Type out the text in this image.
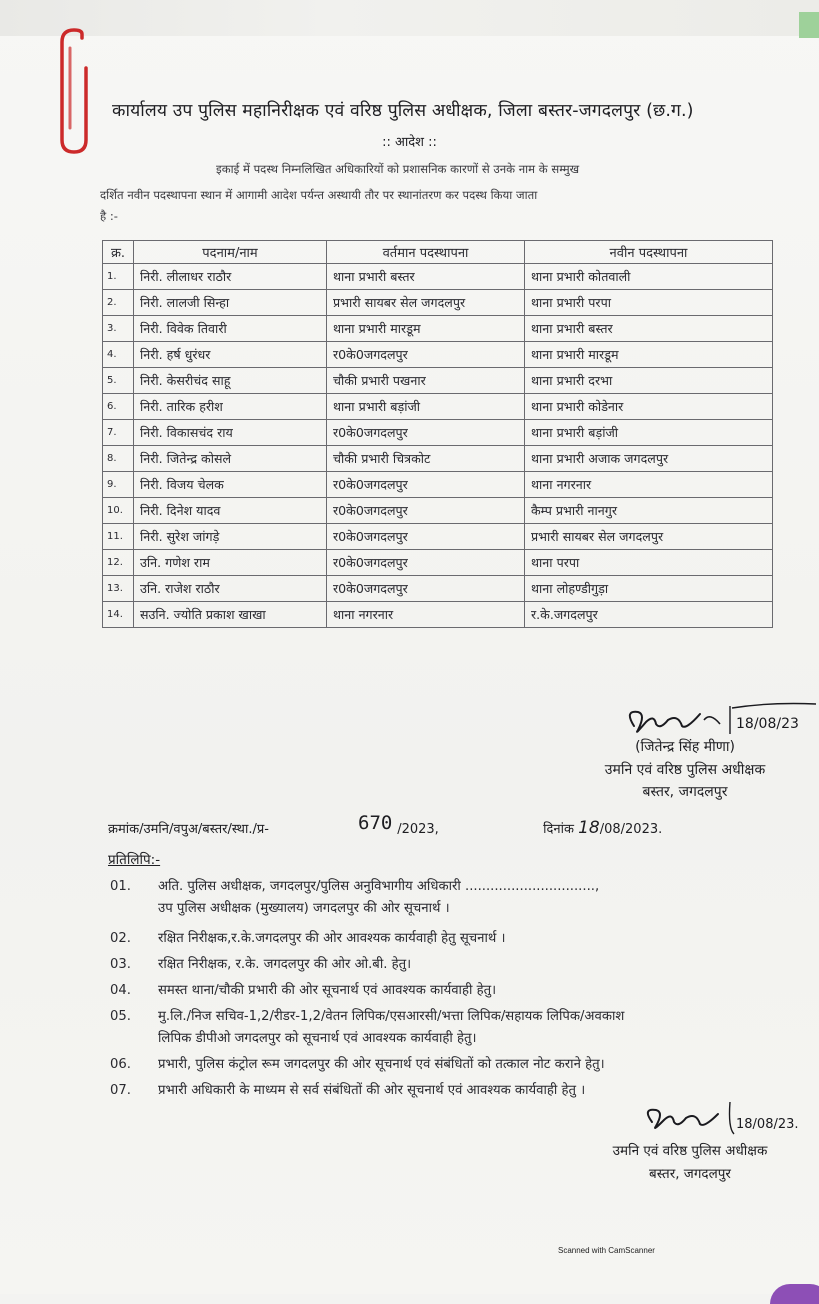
कार्यालय उप पुलिस महानिरीक्षक एवं वरिष्ठ पुलिस अधीक्षक, जिला बस्तर-जगदलपुर (छ.ग.)
:: आदेश ::
इकाई में पदस्थ निम्नलिखित अधिकारियों को प्रशासनिक कारणों से उनके नाम के सम्मुख
दर्शित नवीन पदस्थापना स्थान में आगामी आदेश पर्यन्त अस्थायी तौर पर स्थानांतरण कर पदस्थ किया जाता
है :-
क्र.	पदनाम/नाम	वर्तमान पदस्थापना	नवीन पदस्थापना
1.	निरी. लीलाधर राठौर	थाना प्रभारी बस्तर	थाना प्रभारी कोतवाली
2.	निरी. लालजी सिन्हा	प्रभारी सायबर सेल जगदलपुर	थाना प्रभारी परपा
3.	निरी. विवेक तिवारी	थाना प्रभारी मारडूम	थाना प्रभारी बस्तर
4.	निरी. हर्ष धुरंधर	र0के0जगदलपुर	थाना प्रभारी मारडूम
5.	निरी. केसरीचंद साहू	चौकी प्रभारी पखनार	थाना प्रभारी दरभा
6.	निरी. तारिक हरीश	थाना प्रभारी बड़ांजी	थाना प्रभारी कोडेनार
7.	निरी. विकासचंद राय	र0के0जगदलपुर	थाना प्रभारी बड़ांजी
8.	निरी. जितेन्द्र कोसले	चौकी प्रभारी चित्रकोट	थाना प्रभारी अजाक जगदलपुर
9.	निरी. विजय चेलक	र0के0जगदलपुर	थाना नगरनार
10.	निरी. दिनेश यादव	र0के0जगदलपुर	कैम्प प्रभारी नानगुर
11.	निरी. सुरेश जांगड़े	र0के0जगदलपुर	प्रभारी सायबर सेल जगदलपुर
12.	उनि. गणेश राम	र0के0जगदलपुर	थाना परपा
13.	उनि. राजेश राठौर	र0के0जगदलपुर	थाना लोहण्डीगुड़ा
14.	सउनि. ज्योति प्रकाश खाखा	थाना नगरनार	र.के.जगदलपुर
18/08/23
(जितेन्द्र सिंह मीणा)
उमनि एवं वरिष्ठ पुलिस अधीक्षक
बस्तर, जगदलपुर
क्रमांक/उमनि/वपुअ/बस्तर/स्था./प्र-	/2023,	दिनांक 18/08/2023.
670
प्रतिलिपि:-
01. अति. पुलिस अधीक्षक, जगदलपुर/पुलिस अनुविभागीय अधिकारी ...............................,
उप पुलिस अधीक्षक (मुख्यालय) जगदलपुर की ओर सूचनार्थ ।
02. रक्षित निरीक्षक,र.के.जगदलपुर की ओर आवश्यक कार्यवाही हेतु सूचनार्थ ।
03. रक्षित निरीक्षक, र.के. जगदलपुर की ओर ओ.बी. हेतु।
04. समस्त थाना/चौकी प्रभारी की ओर सूचनार्थ एवं आवश्यक कार्यवाही हेतु।
05. मु.लि./निज सचिव-1,2/रीडर-1,2/वेतन लिपिक/एसआरसी/भत्ता लिपिक/सहायक लिपिक/अवकाश
लिपिक डीपीओ जगदलपुर को सूचनार्थ एवं आवश्यक कार्यवाही हेतु।
06. प्रभारी, पुलिस कंट्रोल रूम जगदलपुर की ओर सूचनार्थ एवं संबंधितों को तत्काल नोट कराने हेतु।
07. प्रभारी अधिकारी के माध्यम से सर्व संबंधितों की ओर सूचनार्थ एवं आवश्यक कार्यवाही हेतु ।
18/08/23.
उमनि एवं वरिष्ठ पुलिस अधीक्षक
बस्तर, जगदलपुर
Scanned with CamScanner
